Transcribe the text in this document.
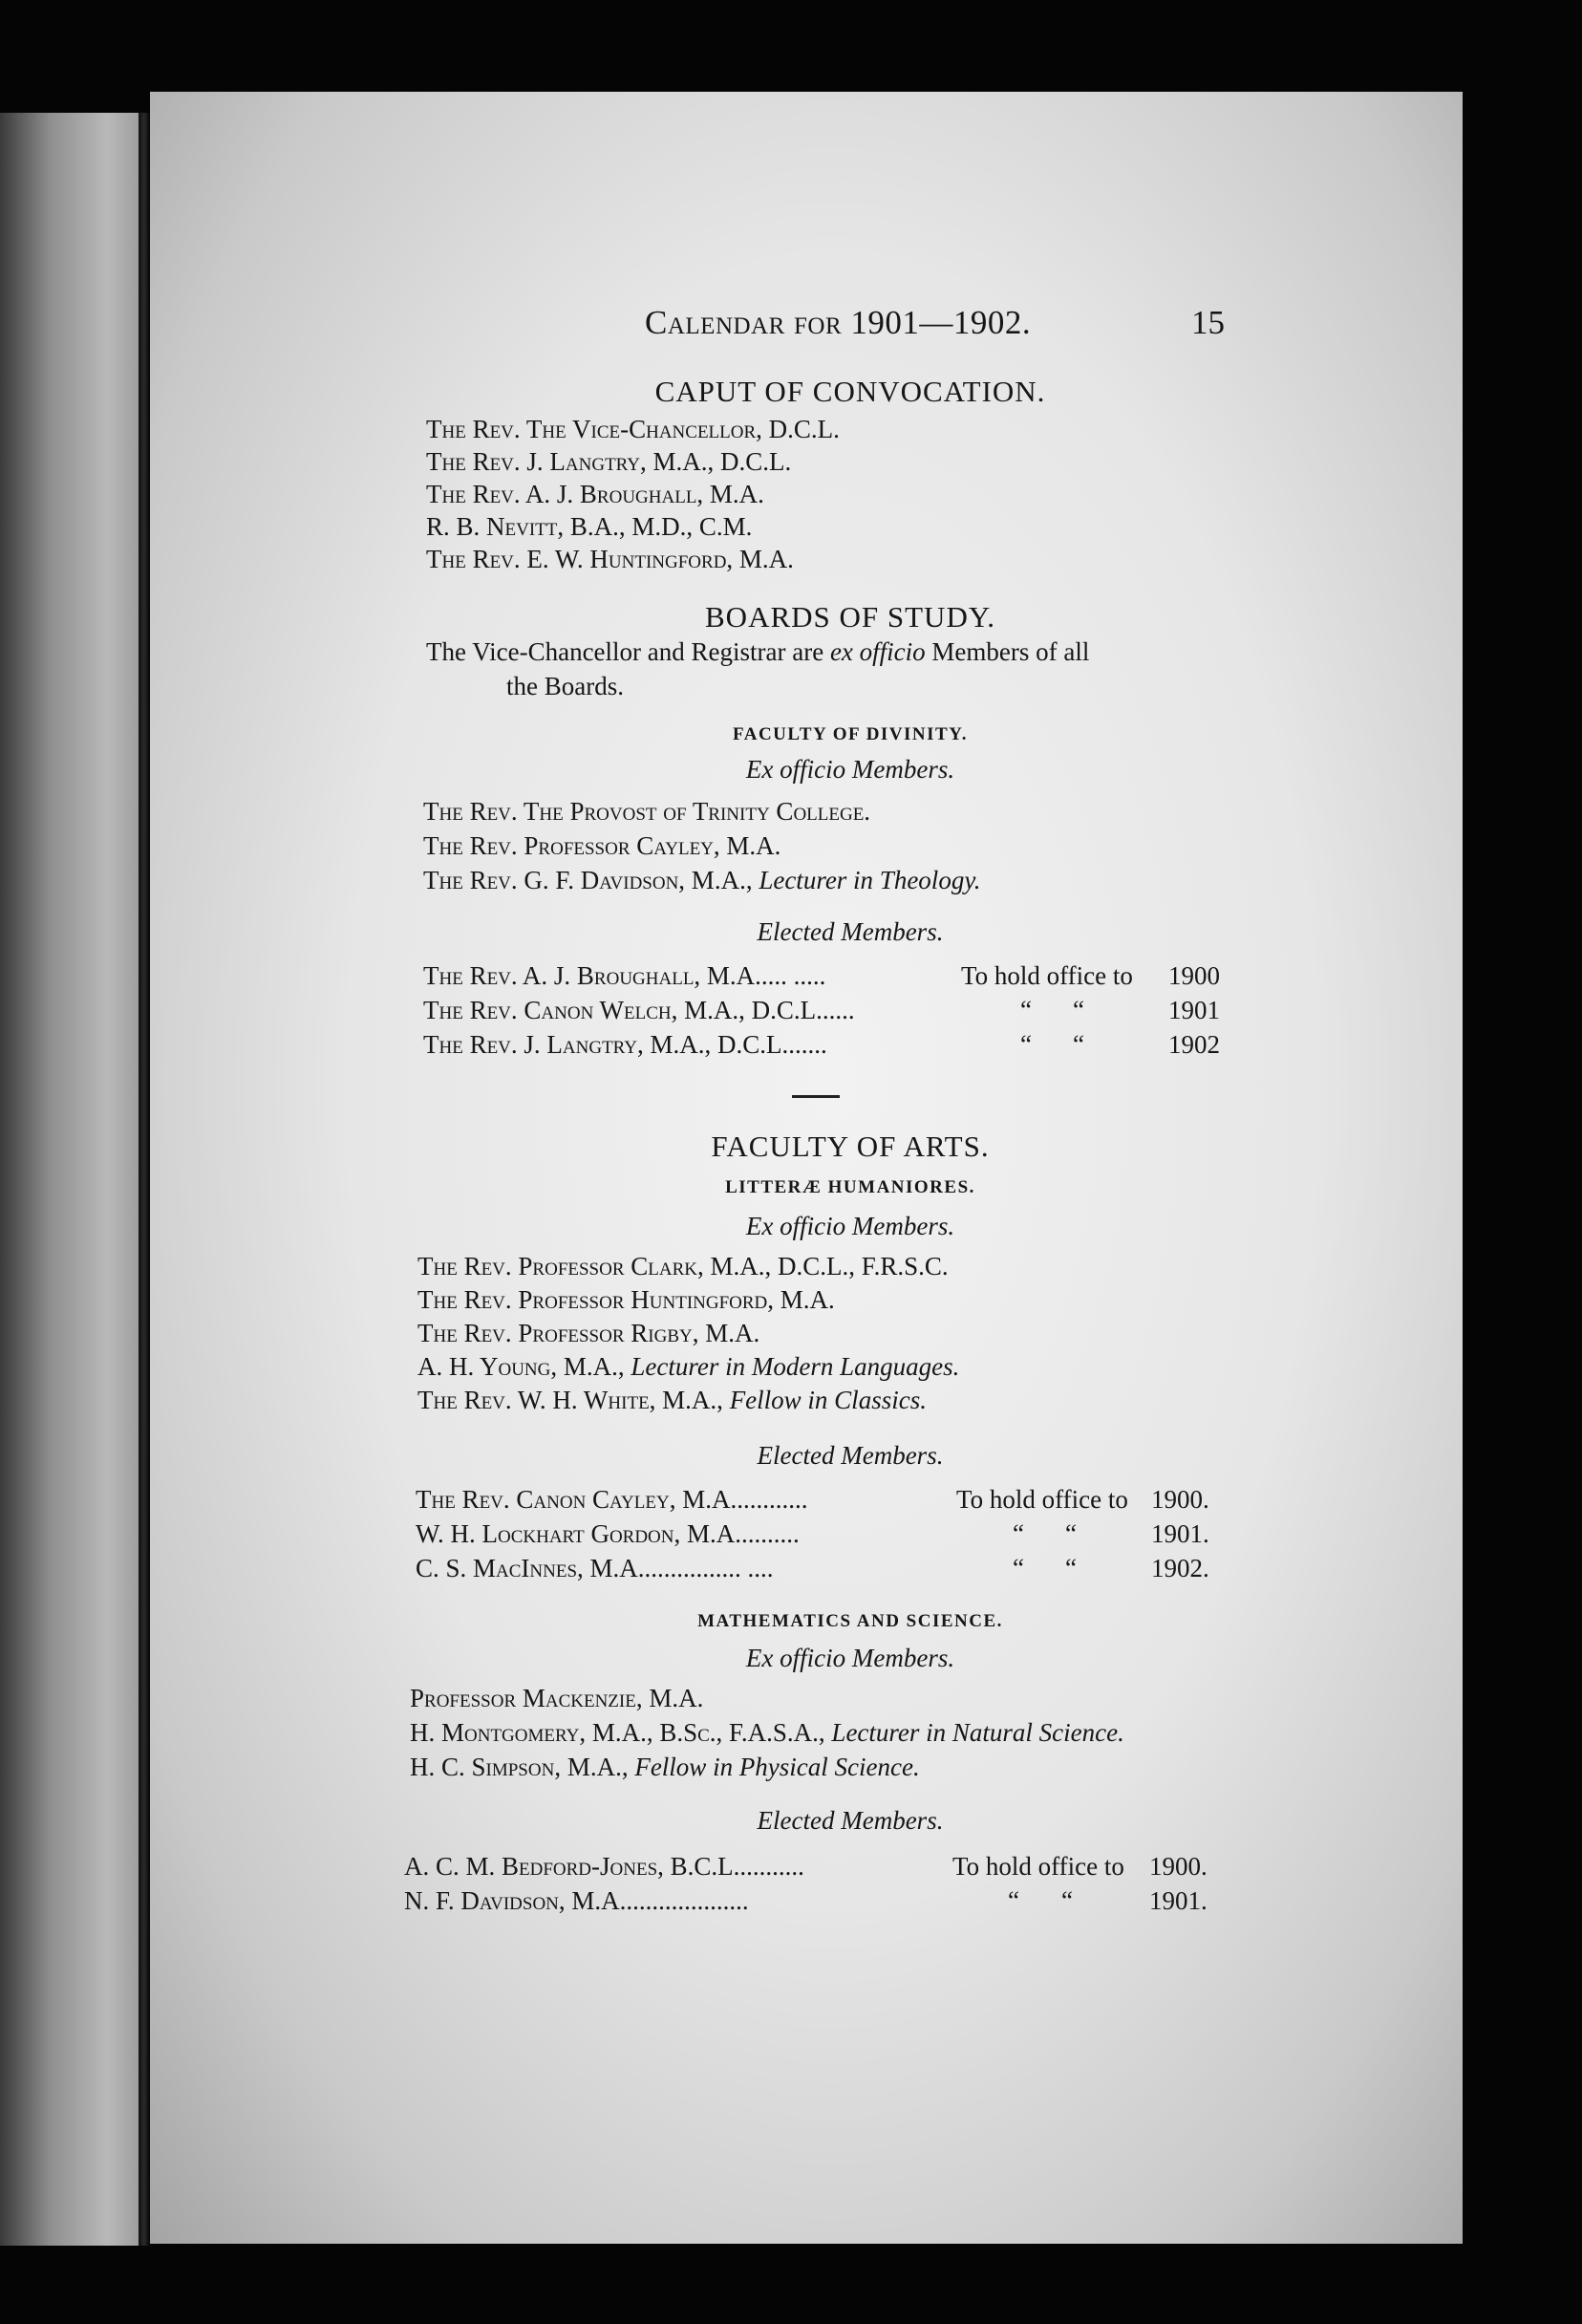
Calendar for 1901—1902.	15
CAPUT OF CONVOCATION.
The Rev. The Vice-Chancellor, D.C.L.
The Rev. J. Langtry, M.A., D.C.L.
The Rev. A. J. Broughall, M.A.
R. B. Nevitt, B.A., M.D., C.M.
The Rev. E. W. Huntingford, M.A.
BOARDS OF STUDY.
The Vice-Chancellor and Registrar are ex officio Members of all
the Boards.
FACULTY OF DIVINITY.
Ex officio Members.
The Rev. The Provost of Trinity College.
The Rev. Professor Cayley, M.A.
The Rev. G. F. Davidson, M.A., Lecturer in Theology.
Elected Members.
The Rev. A. J. Broughall, M.A..... .....	To hold office to 1900
The Rev. Canon Welch, M.A., D.C.L......	“ “	1901
The Rev. J. Langtry, M.A., D.C.L.......	“ “	1902
FACULTY OF ARTS.
LITTERÆ HUMANIORES.
Ex officio Members.
The Rev. Professor Clark, M.A., D.C.L., F.R.S.C.
The Rev. Professor Huntingford, M.A.
The Rev. Professor Rigby, M.A.
A. H. Young, M.A., Lecturer in Modern Languages.
The Rev. W. H. White, M.A., Fellow in Classics.
Elected Members.
The Rev. Canon Cayley, M.A............	To hold office to 1900.
W. H. Lockhart Gordon, M.A..........	“ “	1901.
C. S. MacInnes, M.A................ ....	“ “	1902.
MATHEMATICS AND SCIENCE.
Ex officio Members.
Professor Mackenzie, M.A.
H. Montgomery, M.A., B.Sc., F.A.S.A., Lecturer in Natural Science.
H. C. Simpson, M.A., Fellow in Physical Science.
Elected Members.
A. C. M. Bedford-Jones, B.C.L...........	To hold office to 1900.
N. F. Davidson, M.A....................	“ “	1901.
